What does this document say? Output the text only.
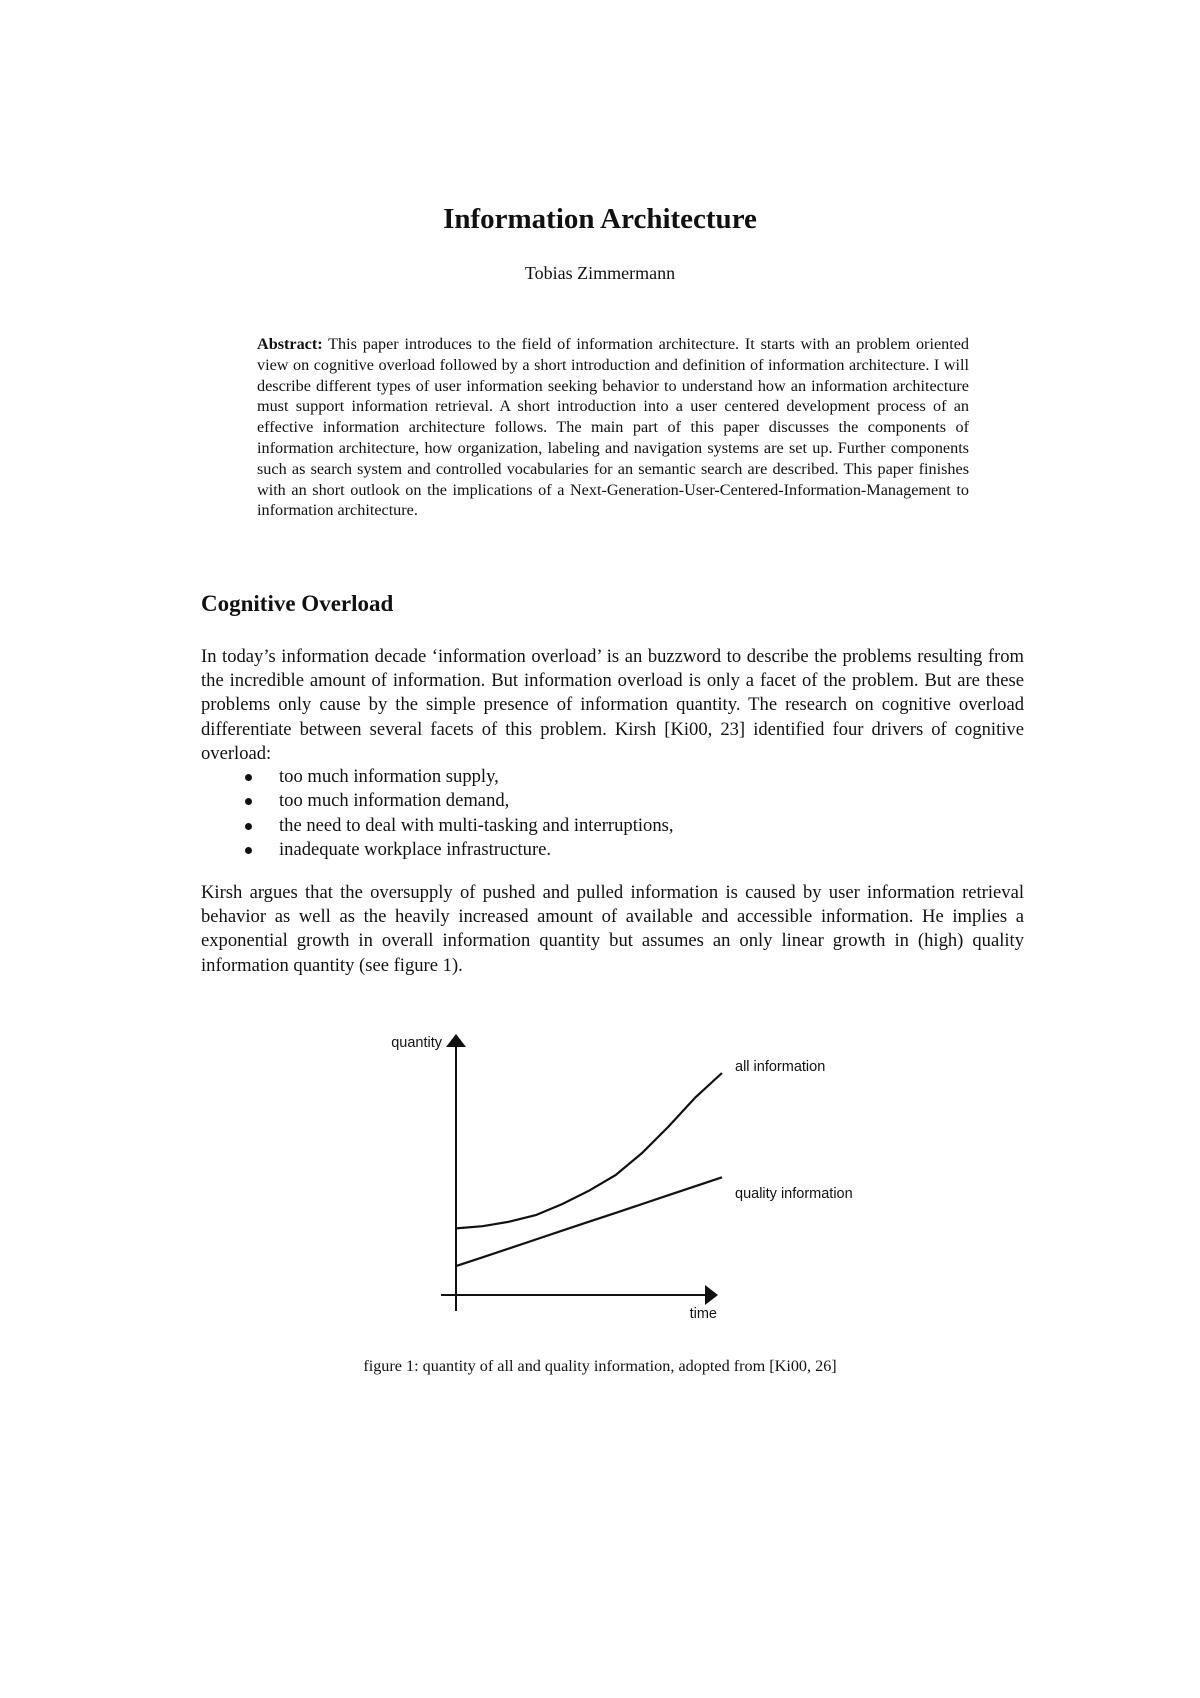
Information Architecture

Tobias Zimmermann

Abstract: This paper introduces to the field of information architecture. It starts with an problem oriented view on cognitive overload followed by a short introduction and definition of information architecture. I will describe different types of user information seeking behavior to understand how an information architecture must support information retrieval. A short introduction into a user centered development process of an effective information architecture follows. The main part of this paper discusses the components of information architecture, how organization, labeling and navigation systems are set up. Further components such as search system and controlled vocabularies for an semantic search are described. This paper finishes with an short outlook on the implications of a Next-Generation-User-Centered-Information-Management to information architecture.

Cognitive Overload

In today’s information decade ‘information overload’ is an buzzword to describe the problems resulting from the incredible amount of information. But information overload is only a facet of the problem. But are these problems only cause by the simple presence of information quantity. The research on cognitive overload differentiate between several facets of this problem. Kirsh [Ki00, 23] identified four drivers of cognitive overload:

too much information supply,
too much information demand,
the need to deal with multi-tasking and interruptions,
inadequate workplace infrastructure.

Kirsh argues that the oversupply of pushed and pulled information is caused by user information retrieval behavior as well as the heavily increased amount of available and accessible information. He implies a exponential growth in overall information quantity but assumes an only linear growth in (high) quality information quantity (see figure 1).

quantity
time
all information
quality information

figure 1: quantity of all and quality information, adopted from [Ki00, 26]
